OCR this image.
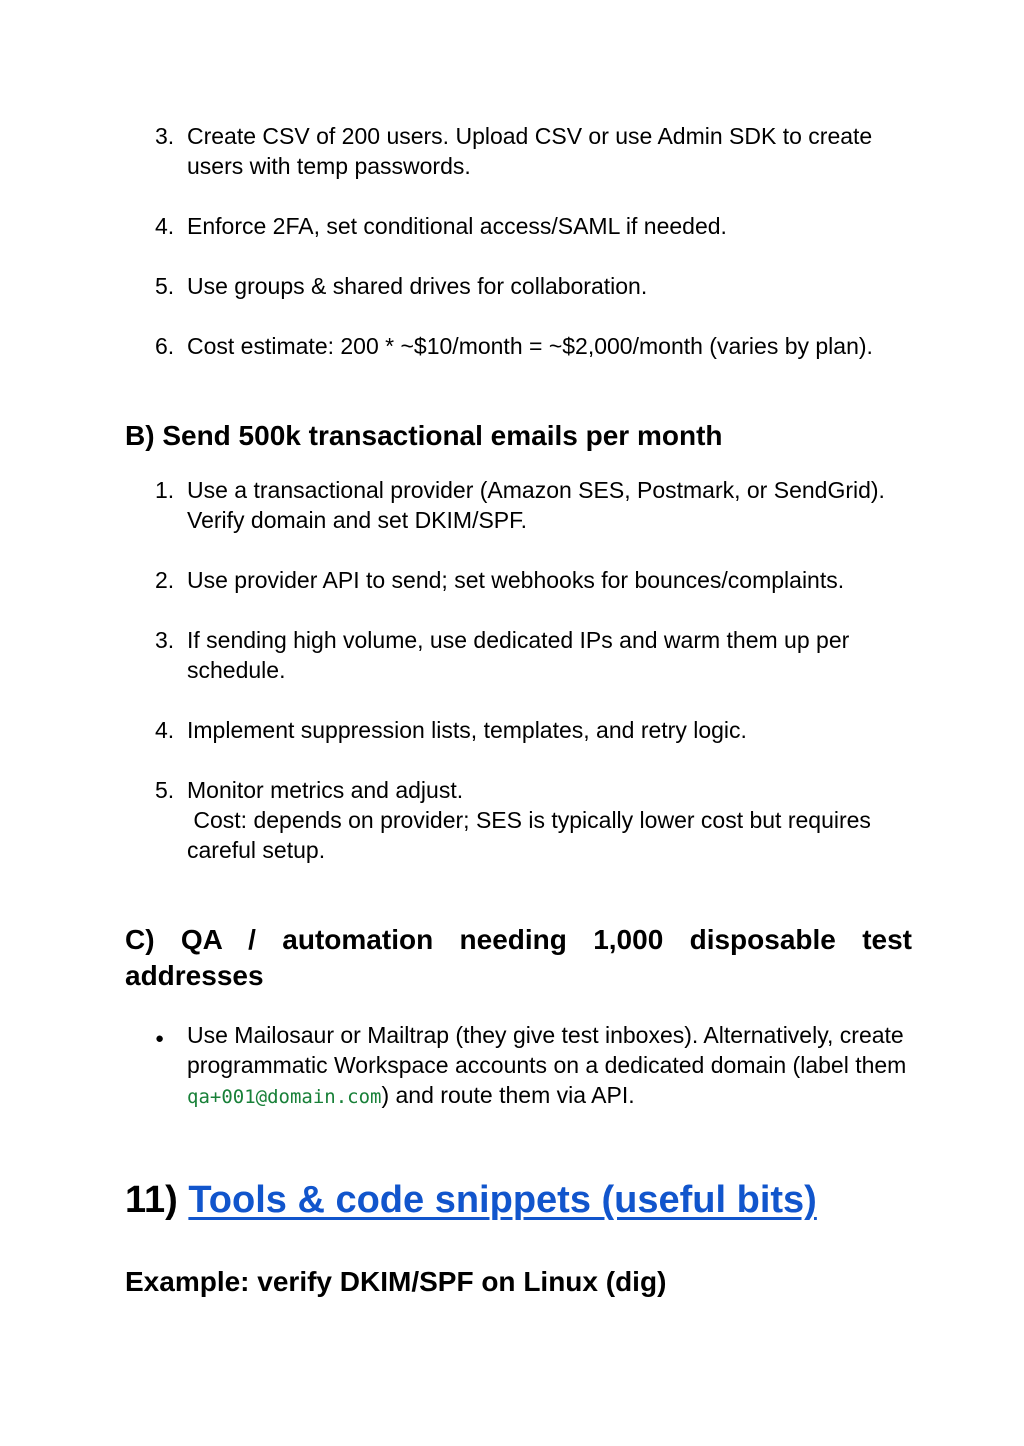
3. Create CSV of 200 users. Upload CSV or use Admin SDK to create users with temp passwords.
4. Enforce 2FA, set conditional access/SAML if needed.
5. Use groups & shared drives for collaboration.
6. Cost estimate: 200 * ~$10/month = ~$2,000/month (varies by plan).
B) Send 500k transactional emails per month
1. Use a transactional provider (Amazon SES, Postmark, or SendGrid). Verify domain and set DKIM/SPF.
2. Use provider API to send; set webhooks for bounces/complaints.
3. If sending high volume, use dedicated IPs and warm them up per schedule.
4. Implement suppression lists, templates, and retry logic.
5. Monitor metrics and adjust.
Cost: depends on provider; SES is typically lower cost but requires careful setup.
C) QA / automation needing 1,000 disposable test addresses
● Use Mailosaur or Mailtrap (they give test inboxes). Alternatively, create programmatic Workspace accounts on a dedicated domain (label them qa+001@domain.com) and route them via API.
11) Tools & code snippets (useful bits)
Example: verify DKIM/SPF on Linux (dig)
